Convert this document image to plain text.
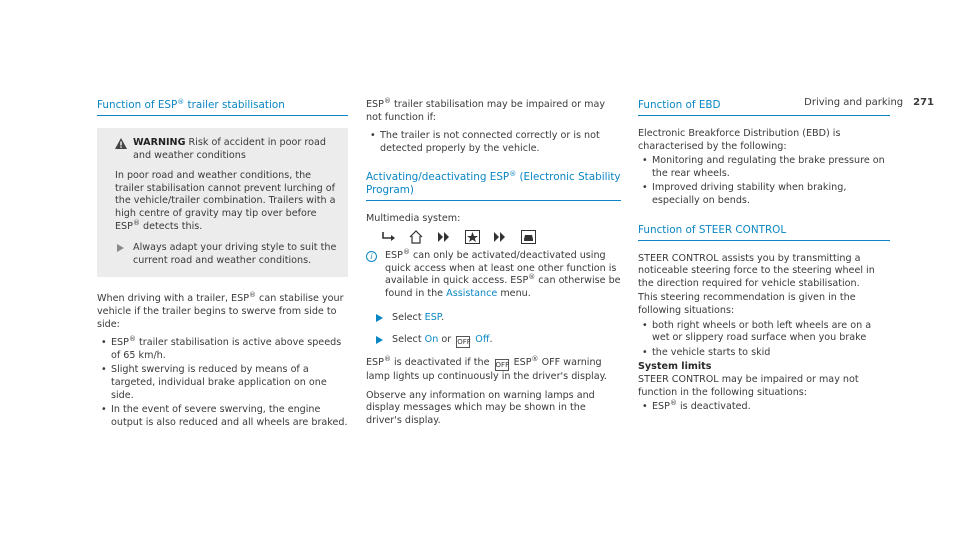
Driving and parking 271
Function of ESP® trailer stabilisation
WARNING Risk of accident in poor road and weather conditions

In poor road and weather conditions, the trailer stabilisation cannot prevent lurching of the vehicle/trailer combination. Trailers with a high centre of gravity may tip over before ESP® detects this.

Always adapt your driving style to suit the current road and weather conditions.

When driving with a trailer, ESP® can stabilise your vehicle if the trailer begins to swerve from side to side:

• ESP® trailer stabilisation is active above speeds of 65 km/h.
• Slight swerving is reduced by means of a targeted, individual brake application on one side.
• In the event of severe swerving, the engine output is also reduced and all wheels are braked.

ESP® trailer stabilisation may be impaired or may not function if:

• The trailer is not connected correctly or is not detected properly by the vehicle.
Activating/deactivating ESP® (Electronic Stability Program)

Multimedia system:

i	ESP® can only be activated/deactivated using quick access when at least one other function is available in quick access. ESP® can otherwise be found in the Assistance menu.

Select ESP.
Select On or OFF Off.

ESP® is deactivated if the OFF ESP® OFF warning lamp lights up continuously in the driver's display.

Observe any information on warning lamps and display messages which may be shown in the driver's display.

Function of EBD

Electronic Breakforce Distribution (EBD) is characterised by the following:

• Monitoring and regulating the brake pressure on the rear wheels.
• Improved driving stability when braking, especially on bends.
Function of STEER CONTROL

STEER CONTROL assists you by transmitting a noticeable steering force to the steering wheel in the direction required for vehicle stabilisation.

This steering recommendation is given in the following situations:

• both right wheels or both left wheels are on a wet or slippery road surface when you brake
• the vehicle starts to skid

System limits

STEER CONTROL may be impaired or may not function in the following situations:

• ESP® is deactivated.
